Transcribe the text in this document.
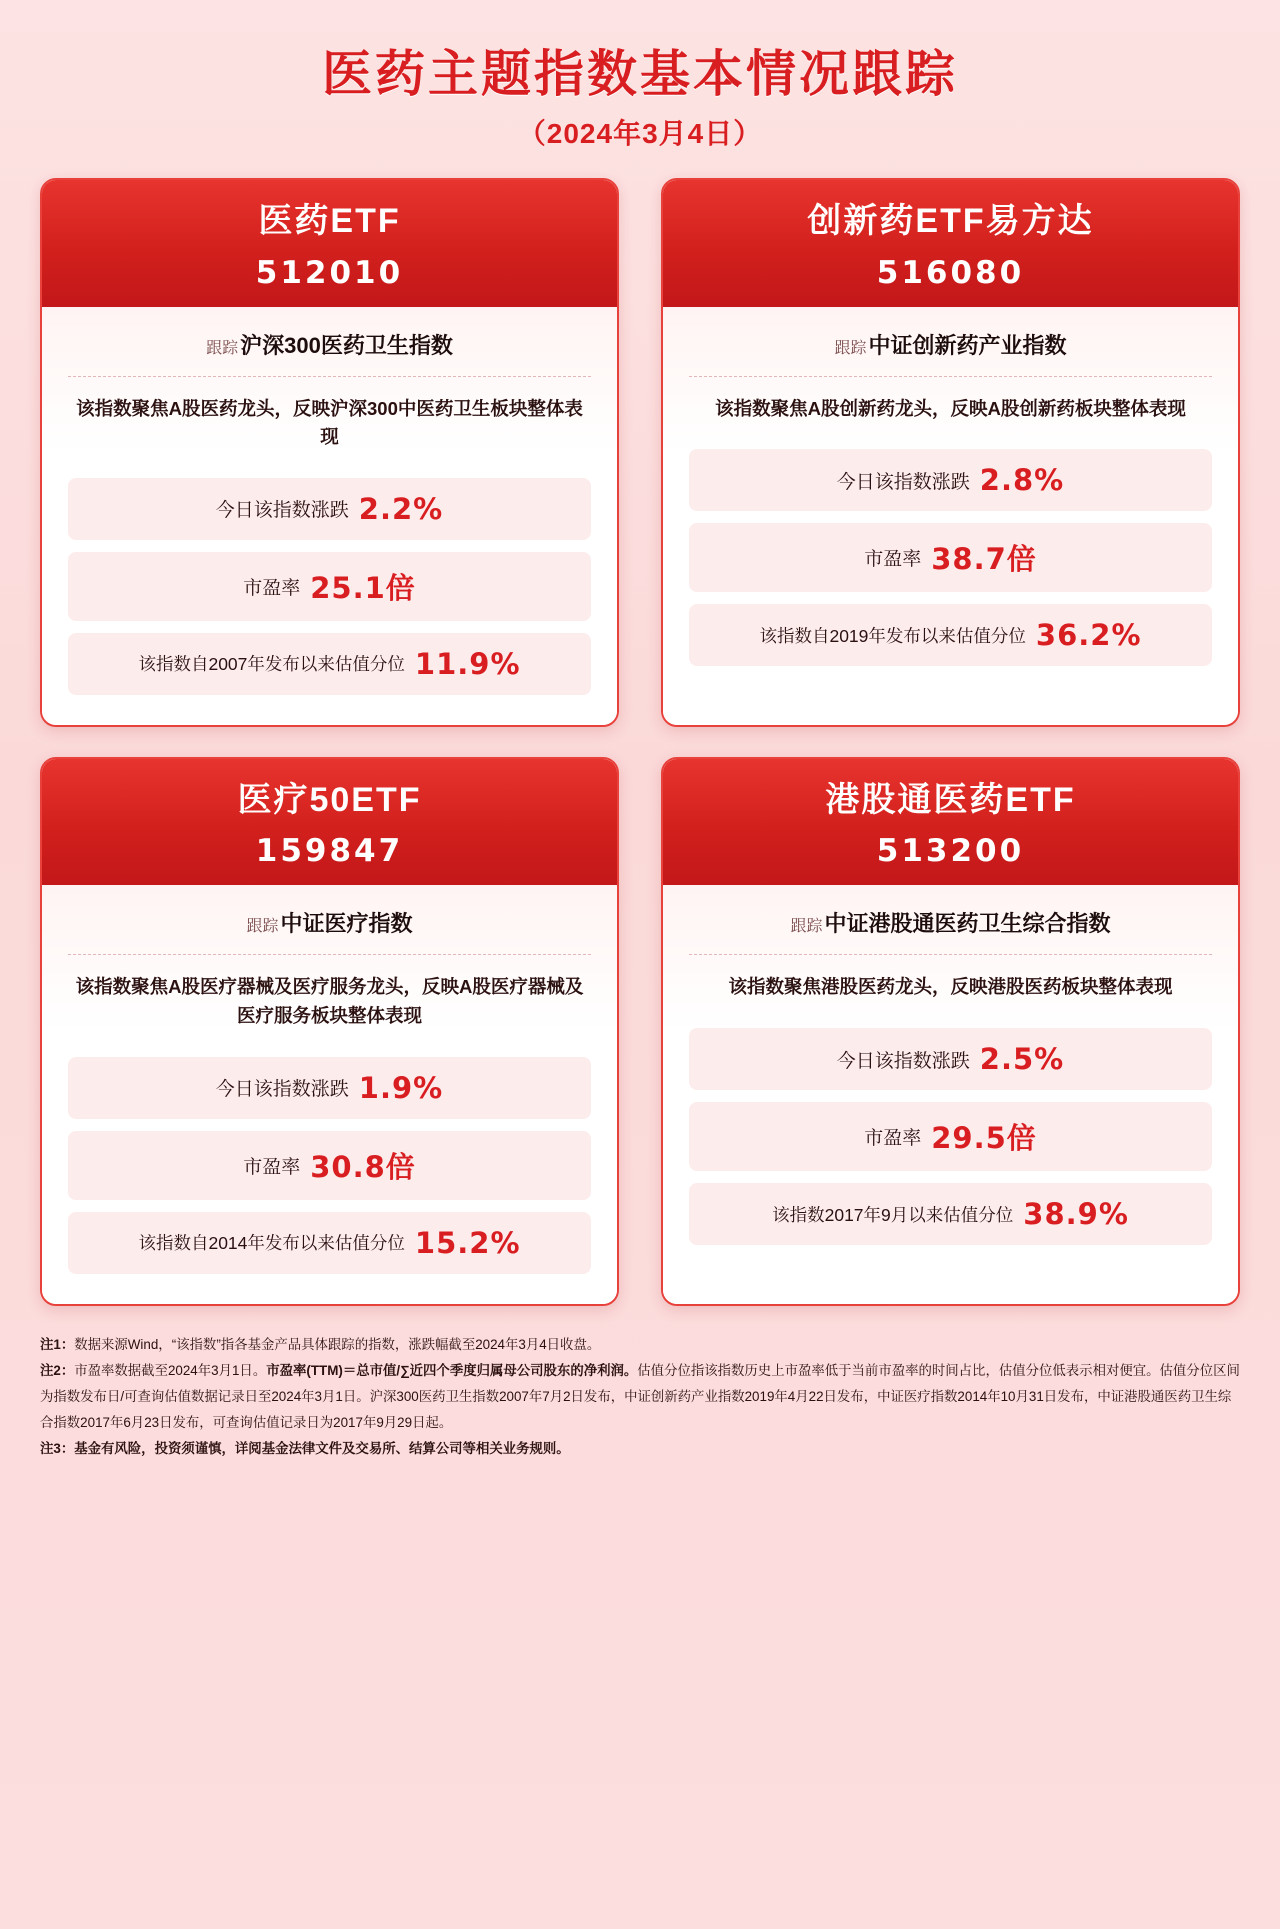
医药主题指数基本情况跟踪
（2024年3月4日）
医药ETF
512010
跟踪沪深300医药卫生指数
该指数聚焦A股医药龙头，反映沪深300中医药卫生板块整体表现
今日该指数涨跌 2.2%
市盈率 25.1倍
该指数自2007年发布以来估值分位 11.9%
创新药ETF易方达
516080
跟踪中证创新药产业指数
该指数聚焦A股创新药龙头，反映A股创新药板块整体表现
今日该指数涨跌 2.8%
市盈率 38.7倍
该指数自2019年发布以来估值分位 36.2%
医疗50ETF
159847
跟踪中证医疗指数
该指数聚焦A股医疗器械及医疗服务龙头，反映A股医疗器械及医疗服务板块整体表现
今日该指数涨跌 1.9%
市盈率 30.8倍
该指数自2014年发布以来估值分位 15.2%
港股通医药ETF
513200
跟踪中证港股通医药卫生综合指数
该指数聚焦港股医药龙头，反映港股医药板块整体表现
今日该指数涨跌 2.5%
市盈率 29.5倍
该指数2017年9月以来估值分位 38.9%
注1：数据来源Wind，“该指数”指各基金产品具体跟踪的指数，涨跌幅截至2024年3月4日收盘。
注2：市盈率数据截至2024年3月1日。市盈率(TTM)＝总市值/∑近四个季度归属母公司股东的净利润。估值分位指该指数历史上市盈率低于当前市盈率的时间占比，估值分位低表示相对便宜。估值分位区间为指数发布日/可查询估值数据记录日至2024年3月1日。沪深300医药卫生指数2007年7月2日发布，中证创新药产业指数2019年4月22日发布，中证医疗指数2014年10月31日发布，中证港股通医药卫生综合指数2017年6月23日发布，可查询估值记录日为2017年9月29日起。
注3：基金有风险，投资须谨慎，详阅基金法律文件及交易所、结算公司等相关业务规则。
